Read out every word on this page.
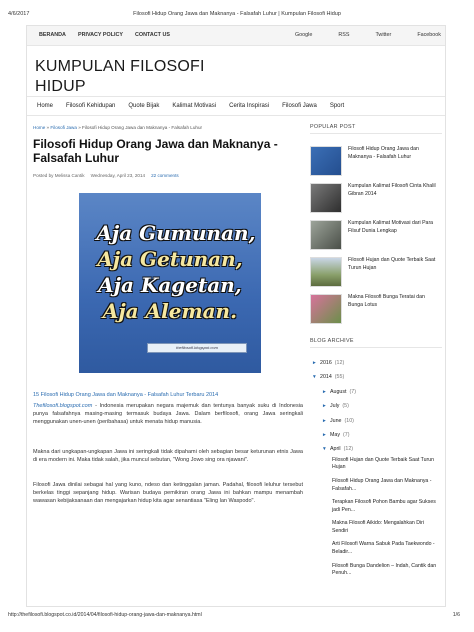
4/6/2017	Filosofi Hidup Orang Jawa dan Maknanya - Falsafah Luhur | Kumpulan Filosofi Hidup
BERANDA PRIVACY POLICY CONTACT US	Google	RSS	Twitter	Facebook
KUMPULAN FILOSOFI
HIDUP
Home Filosofi Kehidupan Quote Bijak Kalimat Motivasi Cerita Inspirasi Filosofi Jawa Sport
Home » Filosofi Jawa » Filosofi Hidup Orang Jawa dan Maknanya - Falsafah Luhur
Filosofi Hidup Orang Jawa dan Maknanya - Falsafah Luhur
Posted by Melissa Cantik Wednesday, April 23, 2014 22 comments
Aja Gumunan,
Aja Getunan,
Aja Kagetan,
Aja Aleman.
thefilosofi.blogspot.com
15 Filosofi Hidup Orang Jawa dan Maknanya - Falsafah Luhur Terbaru 2014

Thefilosofi.blogspot.com - Indonesia merupakan negara majemuk dan tentunya banyak suku di Indonesia punya falsafahnya masing-masing termasuk budaya Jawa. Dalam berfilosofi, orang Jawa seringkali menggunakan unen-unen (peribahasa) untuk menata hidup manusia.

Makna dari ungkapan-ungkapan Jawa ini seringkali tidak dipahami oleh sebagian besar keturunan etnis Jawa di era modern ini. Maka tidak salah, jika muncul sebutan, "Wong Jowo sing ora njawani".

Filosofi Jawa dinilai sebagai hal yang kuno, ndeso dan ketinggalan jaman. Padahal, filosofi leluhur tersebut berkelas tinggi sepanjang hidup. Warisan budaya pemikiran orang Jawa ini bahkan mampu menambah wawasan kebijaksanaan dan mengajarkan hidup kita agar senantiasa "Eling lan Waspodo".

POPULAR POST
Filosofi Hidup Orang Jawa dan Maknanya - Falsafah Luhur
Kumpulan Kalimat Filosofi Cinta Khalil Gibran 2014
Kumpulan Kalimat Motivasi dari Para Filsuf Dunia Lengkap
Filosofi Hujan dan Quote Terbaik Saat Turun Hujan
Makna Filosofi Bunga Teratai dan Bunga Lotus
BLOG ARCHIVE
► 2016 (12)
▼ 2014 (55)
► August (7)
► July (5)
► June (10)
► May (7)
▼ April (12)
Filosofi Hujan dan Quote Terbaik Saat Turun Hujan
Filosofi Hidup Orang Jawa dan Maknanya - Falsafah...
Terapkan Filosofi Pohon Bambu agar Sukses jadi Pen...
Makna Filosofi Aikido: Mengalahkan Diri Sendiri
Arti Filosofi Warna Sabuk Pada Taekwondo - Beladir...
Filosofi Bunga Dandelion – Indah, Cantik dan Penuh...
http://thefilosofi.blogspot.co.id/2014/04/filosofi-hidup-orang-jawa-dan-maknanya.html	1/6
